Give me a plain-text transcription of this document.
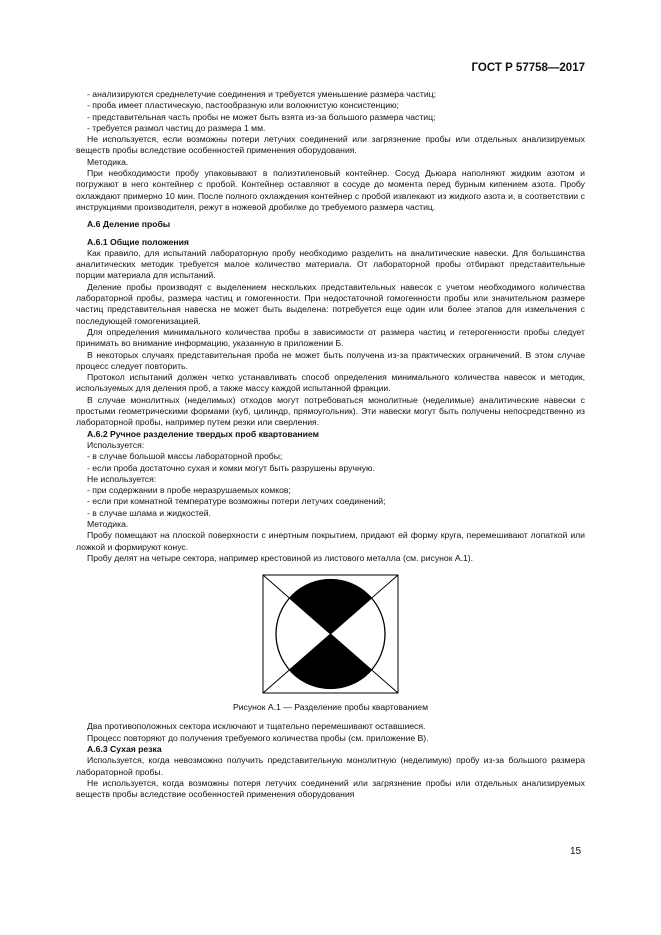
ГОСТ Р 57758—2017

- анализируются среднелетучие соединения и требуется уменьшение размера частиц;

- проба имеет пластическую, пастообразную или волокнистую консистенцию;

- представительная часть пробы не может быть взята из-за большого размера частиц;

- требуется размол частиц до размера 1 мм.

Не используется, если возможны потери летучих соединений или загрязнение пробы или отдельных анализируемых веществ пробы вследствие особенностей применения оборудования.

Методика.

При необходимости пробу упаковывают в полиэтиленовый контейнер. Сосуд Дьюара наполняют жидким азотом и погружают в него контейнер с пробой. Контейнер оставляют в сосуде до момента перед бурным кипением азота. Пробу охлаждают примерно 10 мин. После полного охлаждения контейнер с пробой извлекают из жидкого азота и, в соответствии с инструкциями производителя, режут в ножевой дробилке до требуемого размера частиц.

А.6 Деление пробы

А.6.1 Общие положения

Как правило, для испытаний лабораторную пробу необходимо разделить на аналитические навески. Для большинства аналитических методик требуется малое количество материала. От лабораторной пробы отбирают представительные порции материала для испытаний.

Деление пробы производят с выделением нескольких представительных навесок с учетом необходимого количества лабораторной пробы, размера частиц и гомогенности. При недостаточной гомогенности пробы или значительном размере частиц представительная навеска не может быть выделена: потребуется еще один или более этапов для измельчения с последующей гомогенизацией.

Для определения минимального количества пробы в зависимости от размера частиц и гетерогенности пробы следует принимать во внимание информацию, указанную в приложении Б.

В некоторых случаях представительная проба не может быть получена из-за практических ограничений. В этом случае процесс следует повторить.

Протокол испытаний должен четко устанавливать способ определения минимального количества навесок и методик, используемых для деления проб, а также массу каждой испытанной фракции.

В случае монолитных (неделимых) отходов могут потребоваться монолитные (неделимые) аналитические навески с простыми геометрическими формами (куб, цилиндр, прямоугольник). Эти навески могут быть получены непосредственно из лабораторной пробы, например путем резки или сверления.

А.6.2 Ручное разделение твердых проб квартованием

Используется:

- в случае большой массы лабораторной пробы;

- если проба достаточно сухая и комки могут быть разрушены вручную.

Не используется:

- при содержании в пробе неразрушаемых комков;

- если при комнатной температуре возможны потери летучих соединений;

- в случае шлама и жидкостей.

Методика.

Пробу помещают на плоской поверхности с инертным покрытием, придают ей форму круга, перемешивают лопаткой или ложкой и формируют конус.

Пробу делят на четыре сектора, например крестовиной из листового металла (см. рисунок А.1).

Рисунок А.1 — Разделение пробы квартованием

Два противоположных сектора исключают и тщательно перемешивают оставшиеся.

Процесс повторяют до получения требуемого количества пробы (см. приложение В).

А.6.3 Сухая резка

Используется, когда невозможно получить представительную монолитную (неделимую) пробу из-за большого размера лабораторной пробы.

Не используется, когда возможны потеря летучих соединений или загрязнение пробы или отдельных анализируемых веществ пробы вследствие особенностей применения оборудования

15
